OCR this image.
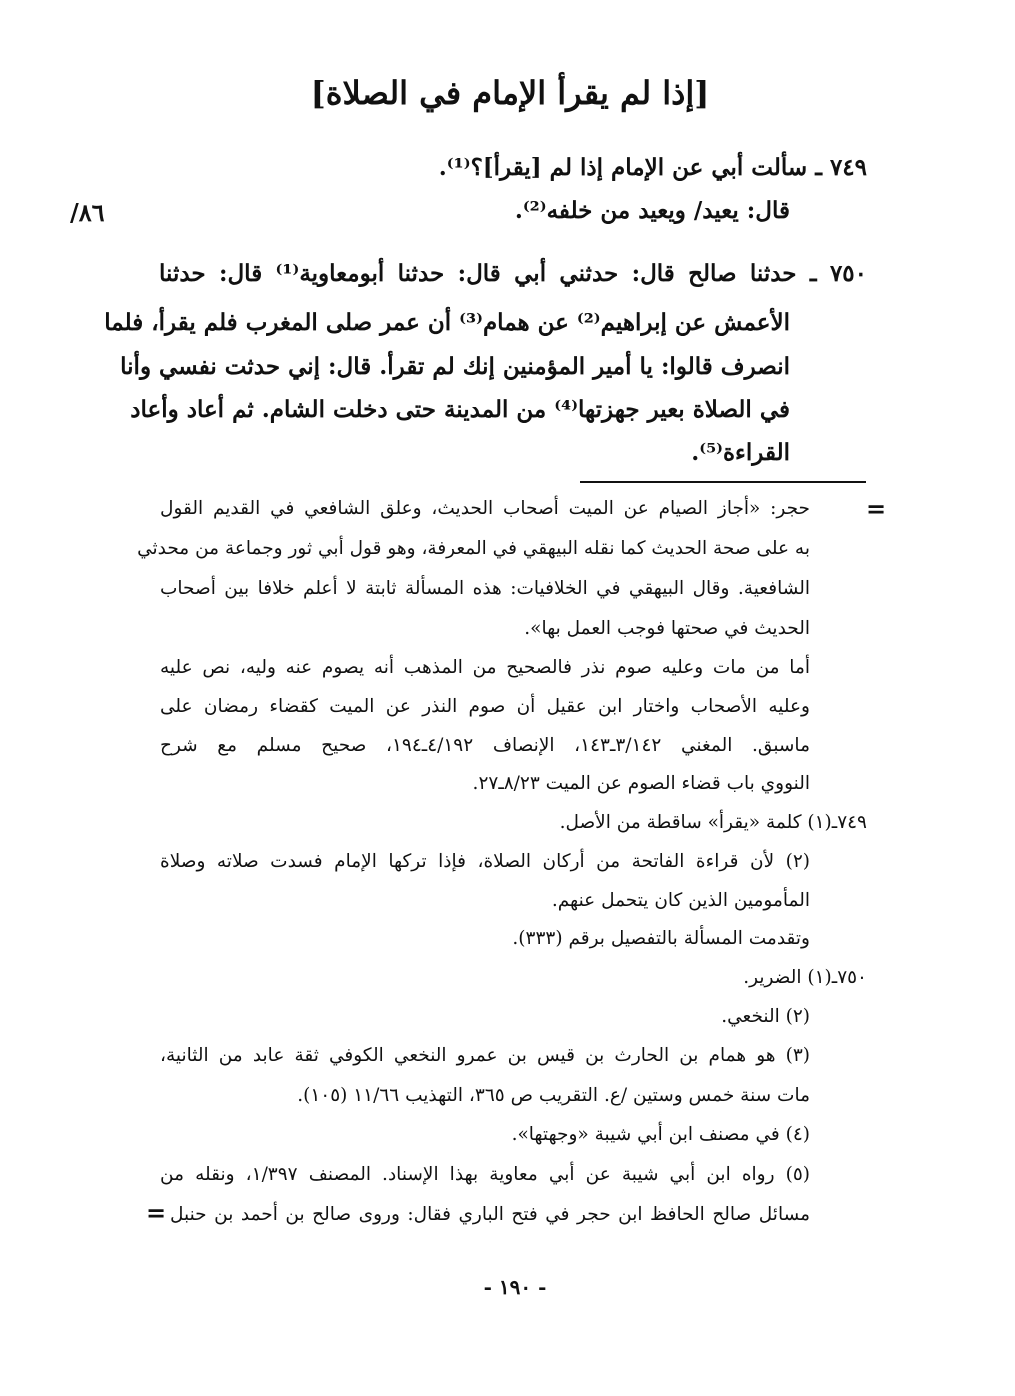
[إذا لم يقرأ الإمام في الصلاة]
٨٦/
٧٤٩ ـ سألت أبي عن الإمام إذا لم [يقرأ]؟⁽¹⁾.
قال: يعيد/ ويعيد من خلفه⁽²⁾.
٧٥٠ ـ حدثنا صالح قال: حدثني أبي قال: حدثنا أبومعاوية⁽¹⁾ قال: حدثنا
الأعمش عن إبراهيم⁽²⁾ عن همام⁽³⁾ أن عمر صلى المغرب فلم يقرأ، فلما
انصرف قالوا: يا أمير المؤمنين إنك لم تقرأ. قال: إني حدثت نفسي وأنا
في الصلاة بعير جهزتها⁽⁴⁾ من المدينة حتى دخلت الشام. ثم أعاد وأعاد
القراءة⁽⁵⁾.
=
حجر: «أجاز الصيام عن الميت أصحاب الحديث، وعلق الشافعي في القديم القول
به على صحة الحديث كما نقله البيهقي في المعرفة، وهو قول أبي ثور وجماعة من محدثي
الشافعية. وقال البيهقي في الخلافيات: هذه المسألة ثابتة لا أعلم خلافا بين أصحاب
الحديث في صحتها فوجب العمل بها».
أما من مات وعليه صوم نذر فالصحيح من المذهب أنه يصوم عنه وليه، نص عليه
وعليه الأصحاب واختار ابن عقيل أن صوم النذر عن الميت كقضاء رمضان على
ماسبق. المغني ٣/١٤٢ـ١٤٣، الإنصاف ٤/١٩٢ـ١٩٤، صحيح مسلم مع شرح
النووي باب قضاء الصوم عن الميت ٨/٢٣ـ٢٧.
٧٤٩ـ(١) كلمة «يقرأ» ساقطة من الأصل.
(٢) لأن قراءة الفاتحة من أركان الصلاة، فإذا تركها الإمام فسدت صلاته وصلاة
المأمومين الذين كان يتحمل عنهم.
وتقدمت المسألة بالتفصيل برقم (٣٣٣).
٧٥٠ـ(١) الضرير.
(٢) النخعي.
(٣) هو همام بن الحارث بن قيس بن عمرو النخعي الكوفي ثقة عابد من الثانية،
مات سنة خمس وستين /ع. التقريب ص ٣٦٥، التهذيب ١١/٦٦ (١٠٥).
(٤) في مصنف ابن أبي شيبة «وجهتها».
(٥) رواه ابن أبي شيبة عن أبي معاوية بهذا الإسناد. المصنف ١/٣٩٧، ونقله من
مسائل صالح الحافظ ابن حجر في فتح الباري فقال: وروى صالح بن أحمد بن حنبل
=
- ١٩٠ -
